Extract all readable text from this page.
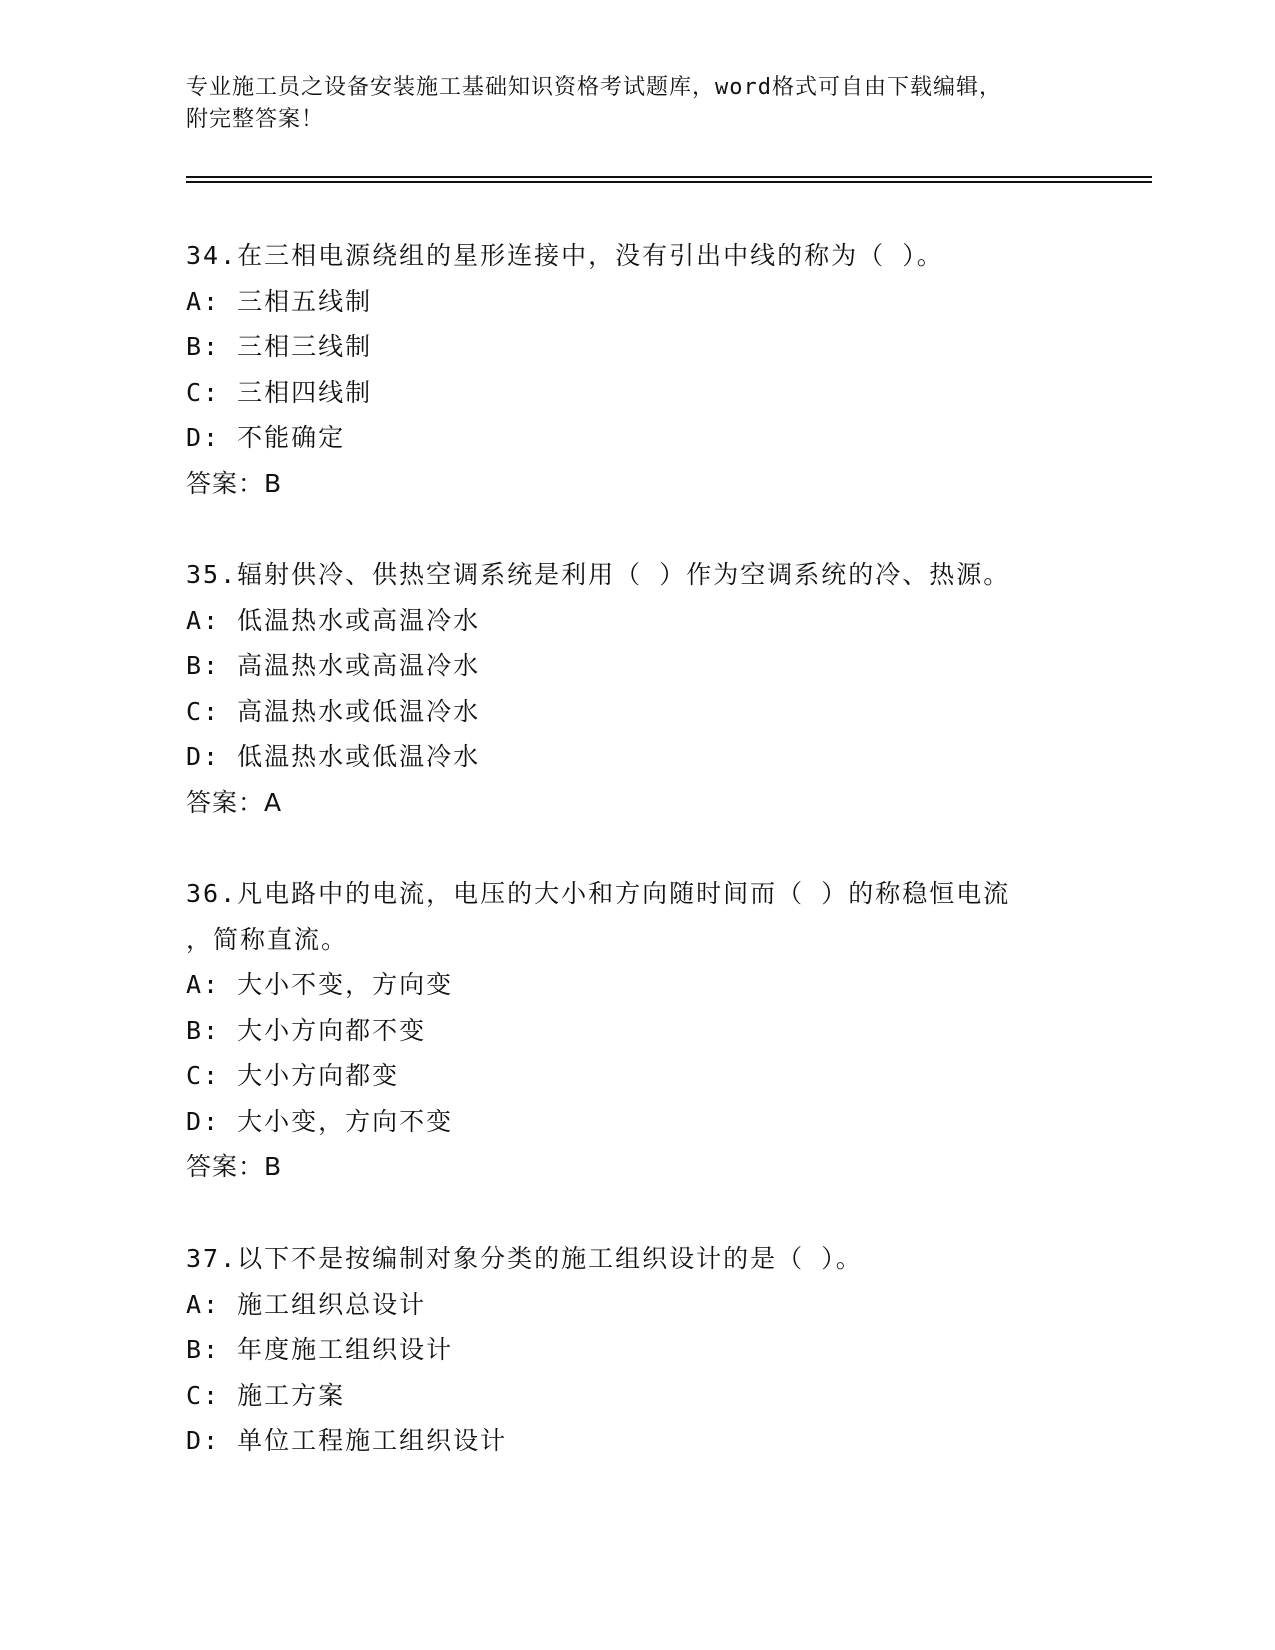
专业施工员之设备安装施工基础知识资格考试题库，word格式可自由下载编辑，
附完整答案！
34.在三相电源绕组的星形连接中，没有引出中线的称为（ ）。
A: 三相五线制
B: 三相三线制
C: 三相四线制
D: 不能确定
答案：B
35.辐射供冷、供热空调系统是利用（ ）作为空调系统的冷、热源。
A: 低温热水或高温冷水
B: 高温热水或高温冷水
C: 高温热水或低温冷水
D: 低温热水或低温冷水
答案：A
36.凡电路中的电流，电压的大小和方向随时间而（ ）的称稳恒电流
，简称直流。
A: 大小不变，方向变
B: 大小方向都不变
C: 大小方向都变
D: 大小变，方向不变
答案：B
37.以下不是按编制对象分类的施工组织设计的是（ ）。
A: 施工组织总设计
B: 年度施工组织设计
C: 施工方案
D: 单位工程施工组织设计
